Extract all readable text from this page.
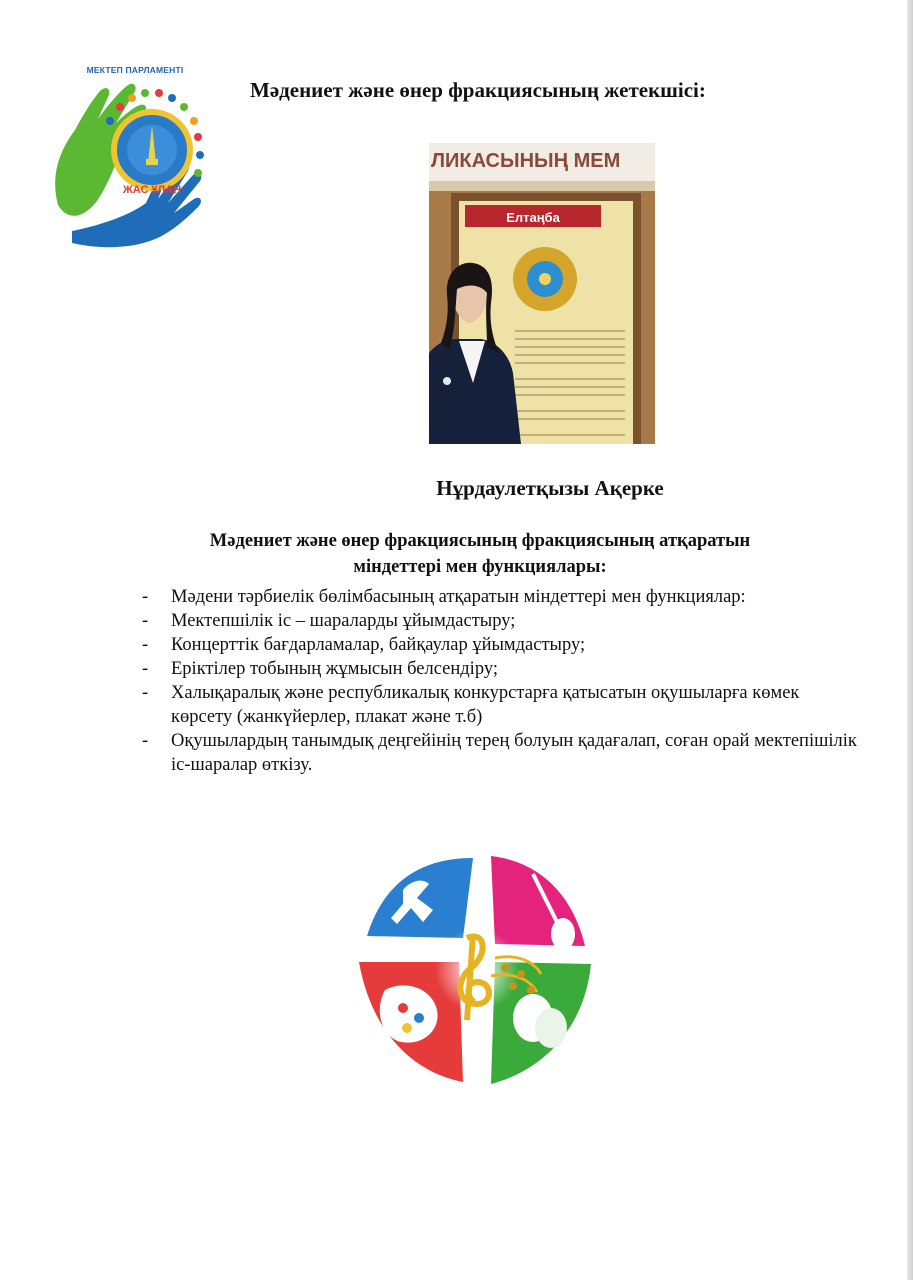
МЕКТЕП ПАРЛАМЕНТІ
ЖАС ҰЛАН
Мәдениет және өнер фракциясының жетекшісі:
ЛИКАСЫНЫҢ МЕМ
Елтаңба
Нұрдаулетқызы Ақерке
Мәдениет және өнер фракциясының фракциясының атқаратын
міндеттері мен функциялары:
- Мәдени тәрбиелік бөлімбасының атқаратын міндеттері мен функциялар:
- Мектепшілік іс – шараларды ұйымдастыру;
- Концерттік бағдарламалар, байқаулар ұйымдастыру;
- Еріктілер тобының жұмысын белсендіру;
- Халықаралық және республикалық конкурстарға қатысатын оқушыларға көмек көрсету (жанкүйерлер, плакат және т.б)
- Оқушылардың танымдық деңгейінің терең болуын қадағалап, соған орай мектепішілік іс-шаралар өткізу.
